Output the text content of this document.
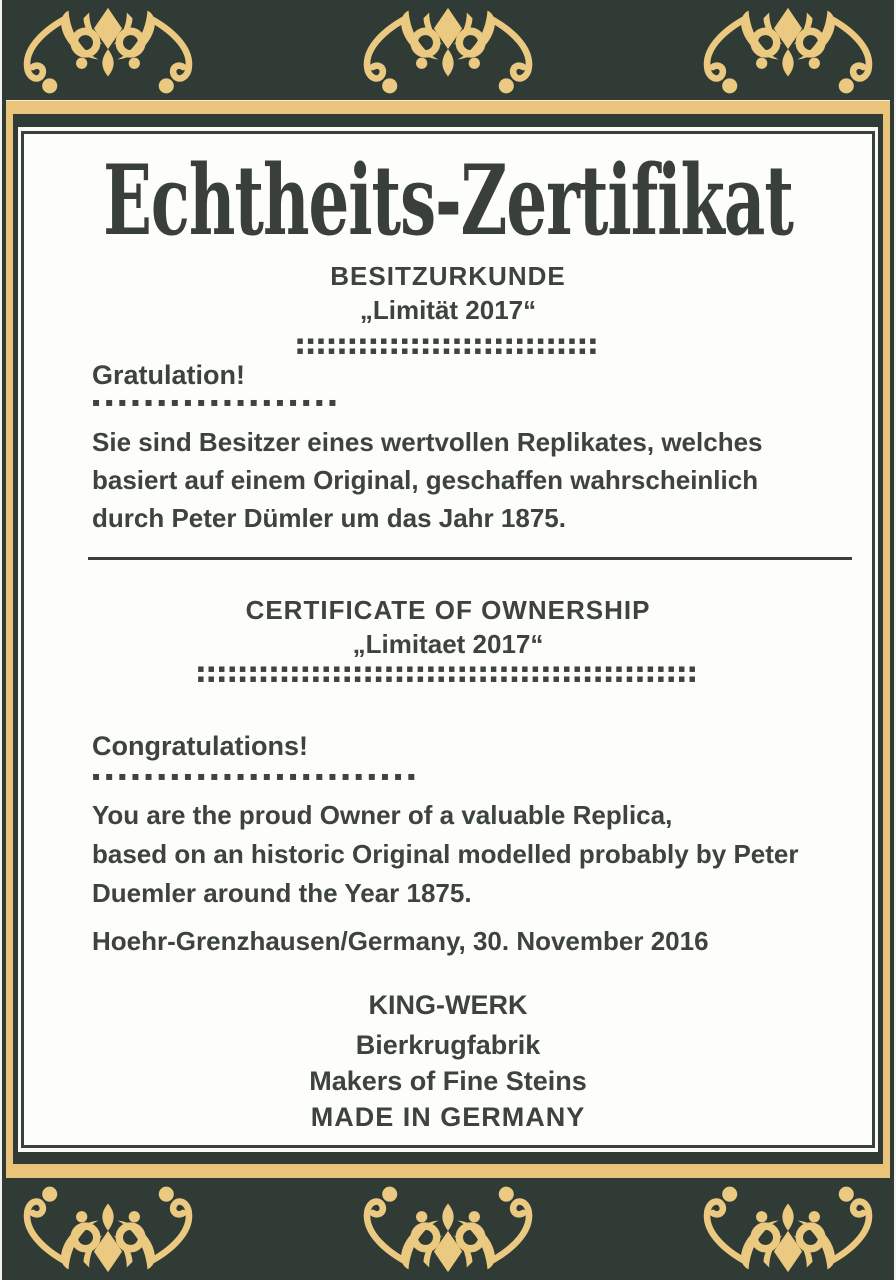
Echtheits-Zertifikat
BESITZURKUNDE
„Limität 2017“
▪▪▪▪▪▪▪▪▪▪▪▪▪▪▪▪▪▪▪▪▪▪▪▪▪▪▪▪▪
▪▪▪▪▪▪▪▪▪▪▪▪▪▪▪▪▪▪▪▪▪▪▪▪▪▪▪▪▪
Gratulation!
▪▪▪▪▪▪▪▪▪▪▪▪▪▪▪▪▪▪▪
Sie sind Besitzer eines wertvollen Replikates, welches
basiert auf einem Original, geschaffen wahrscheinlich
durch Peter Dümler um das Jahr 1875.
CERTIFICATE OF OWNERSHIP
„Limitaet 2017“
▪▪▪▪▪▪▪▪▪▪▪▪▪▪▪▪▪▪▪▪▪▪▪▪▪▪▪▪▪▪▪▪▪▪▪▪▪▪▪▪▪▪▪▪▪▪▪▪
▪▪▪▪▪▪▪▪▪▪▪▪▪▪▪▪▪▪▪▪▪▪▪▪▪▪▪▪▪▪▪▪▪▪▪▪▪▪▪▪▪▪▪▪▪▪▪▪
Congratulations!
▪▪▪▪▪▪▪▪▪▪▪▪▪▪▪▪▪▪▪▪▪▪▪▪▪
You are the proud Owner of a valuable Replica,
based on an historic Original modelled probably by Peter
Duemler around the Year 1875.
Hoehr-Grenzhausen/Germany, 30. November 2016
KING-WERK
Bierkrugfabrik
Makers of Fine Steins
MADE IN GERMANY
